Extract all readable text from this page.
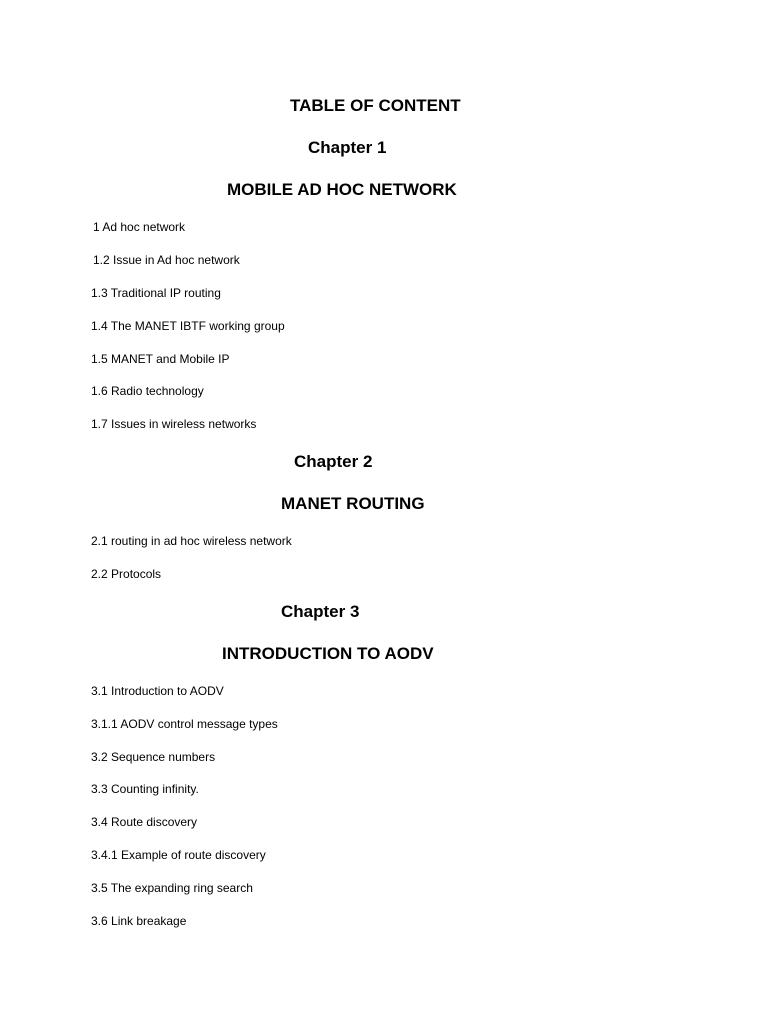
TABLE OF CONTENT
Chapter 1
MOBILE AD HOC NETWORK
1 Ad hoc network
1.2 Issue in Ad hoc network
1.3 Traditional IP routing
1.4 The MANET IBTF working group
1.5 MANET and Mobile IP
1.6 Radio technology
1.7 Issues in wireless networks
Chapter 2
MANET ROUTING
2.1 routing in ad hoc wireless network
2.2 Protocols
Chapter 3
INTRODUCTION TO AODV
3.1 Introduction to AODV
3.1.1 AODV control message types
3.2 Sequence numbers
3.3 Counting infinity.
3.4 Route discovery
3.4.1 Example of route discovery
3.5 The expanding ring search
3.6 Link breakage
